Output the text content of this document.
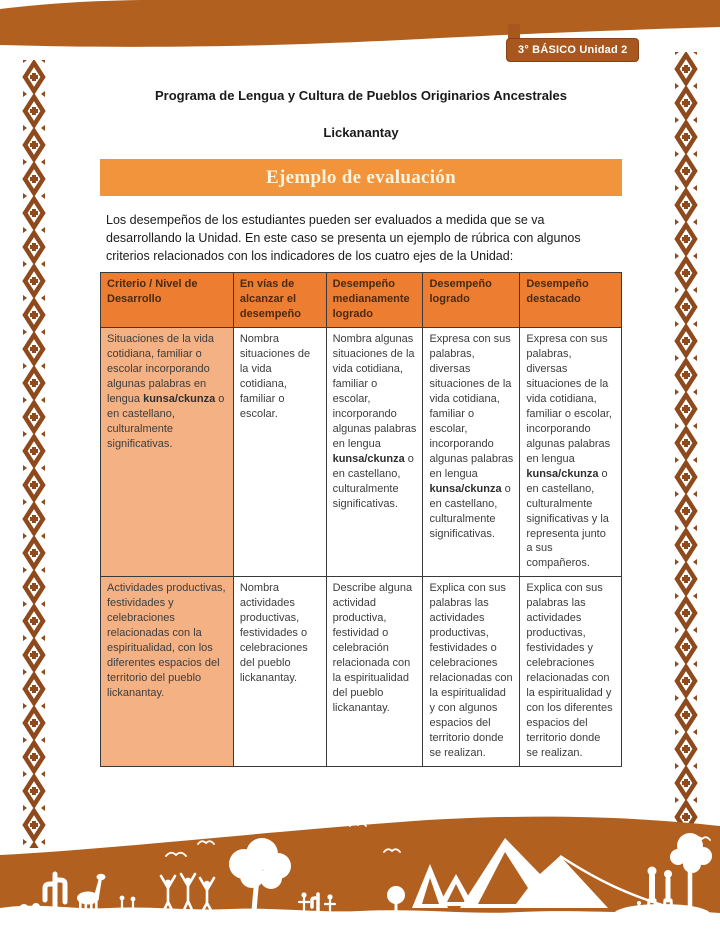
3° BÁSICO Unidad 2
Programa de Lengua y Cultura de Pueblos Originarios Ancestrales
Lickanantay
Ejemplo de evaluación

Los desempeños de los estudiantes pueden ser evaluados a medida que se va desarrollando la Unidad. En este caso se presenta un ejemplo de rúbrica con algunos criterios relacionados con los indicadores de los cuatro ejes de la Unidad:

Criterio / Nivel de Desarrollo	En vías de alcanzar el desempeño	Desempeño medianamente logrado	Desempeño logrado	Desempeño destacado
Situaciones de la vida cotidiana, familiar o escolar incorporando algunas palabras en lengua kunsa/ckunza o en castellano, culturalmente significativas.	Nombra situaciones de la vida cotidiana, familiar o escolar.	Nombra algunas situaciones de la vida cotidiana, familiar o escolar, incorporando algunas palabras en lengua kunsa/ckunza o en castellano, culturalmente significativas.	Expresa con sus palabras, diversas situaciones de la vida cotidiana, familiar o escolar, incorporando algunas palabras en lengua kunsa/ckunza o en castellano, culturalmente significativas.	Expresa con sus palabras, diversas situaciones de la vida cotidiana, familiar o escolar, incorporando algunas palabras en lengua kunsa/ckunza o en castellano, culturalmente significativas y la representa junto a sus compañeros.
Actividades productivas, festividades y celebraciones relacionadas con la espiritualidad, con los diferentes espacios del territorio del pueblo lickanantay.	Nombra actividades productivas, festividades o celebraciones del pueblo lickanantay.	Describe alguna actividad productiva, festividad o celebración relacionada con la espiritualidad del pueblo lickanantay.	Explica con sus palabras las actividades productivas, festividades o celebraciones relacionadas con la espiritualidad y con algunos espacios del territorio donde se realizan.	Explica con sus palabras las actividades productivas, festividades y celebraciones relacionadas con la espiritualidad y con los diferentes espacios del territorio donde se realizan.
